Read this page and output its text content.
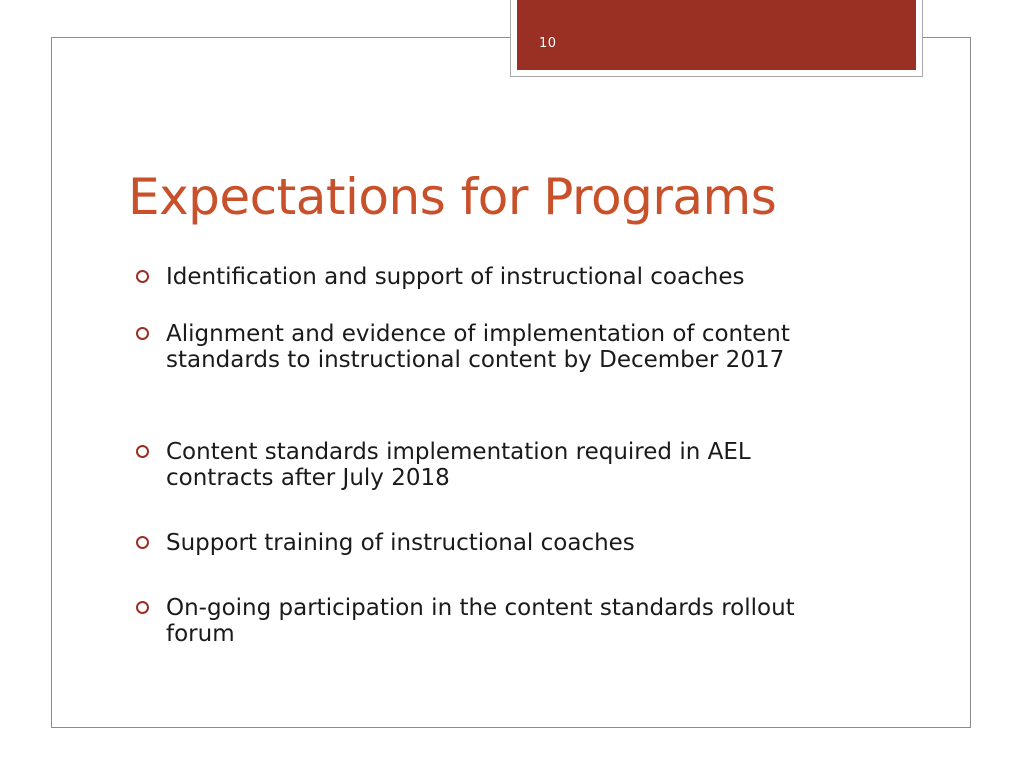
10
Expectations for Programs
Identification and support of instructional coaches
Alignment and evidence of implementation of content standards to instructional content by December 2017
Content standards implementation required in AEL contracts after July 2018
Support training of instructional coaches
On-going participation in the content standards rollout forum
